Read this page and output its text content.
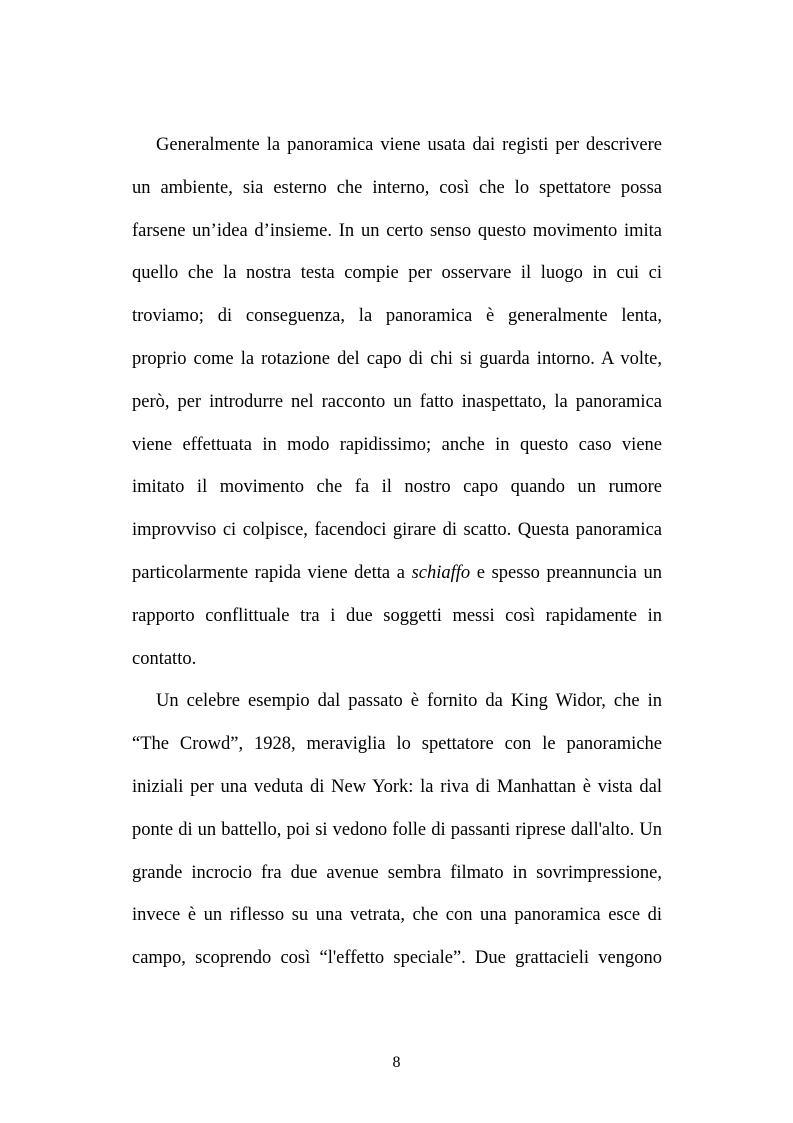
Generalmente la panoramica viene usata dai registi per descrivere
un ambiente, sia esterno che interno, così che lo spettatore possa
farsene un’idea d’insieme. In un certo senso questo movimento imita
quello che la nostra testa compie per osservare il luogo in cui ci
troviamo; di conseguenza, la panoramica è generalmente lenta,
proprio come la rotazione del capo di chi si guarda intorno. A volte,
però, per introdurre nel racconto un fatto inaspettato, la panoramica
viene effettuata in modo rapidissimo; anche in questo caso viene
imitato il movimento che fa il nostro capo quando un rumore
improvviso ci colpisce, facendoci girare di scatto. Questa panoramica
particolarmente rapida viene detta a schiaffo e spesso preannuncia un
rapporto conflittuale tra i due soggetti messi così rapidamente in
contatto.
Un celebre esempio dal passato è fornito da King Widor, che in
“The Crowd”, 1928, meraviglia lo spettatore con le panoramiche
iniziali per una veduta di New York: la riva di Manhattan è vista dal
ponte di un battello, poi si vedono folle di passanti riprese dall'alto. Un
grande incrocio fra due avenue sembra filmato in sovrimpressione,
invece è un riflesso su una vetrata, che con una panoramica esce di
campo, scoprendo così “l'effetto speciale”. Due grattacieli vengono
8
